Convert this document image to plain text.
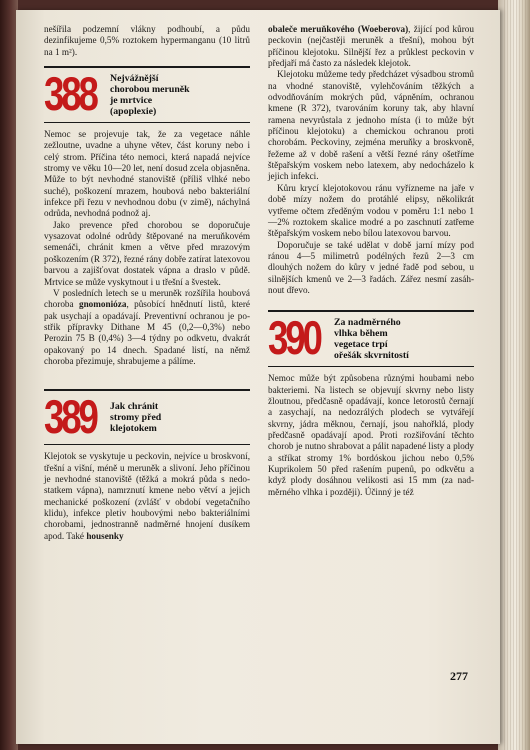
nešířila podzemní vlákny podhoubí, a půdu dezinfikujeme 0,5% roztokem hypermanganu (10 litrů na 1 m²).

388 Nejvážnější
chorobou meruněk
je mrtvice
(apoplexie)

Nemoc se projevuje tak, že za vegetace náhle zežloutne, uvadne a uhyne větev, část koruny nebo i celý strom. Příčina této nemoci, která napadá nejvíce stromy ve věku 10—20 let, není dosud zcela objasněna. Může to být nevhodné stanoviště (příliš vlhké nebo suché), poškození mrazem, houbová nebo bakteriální infekce při řezu v nevhodnou dobu (v zimě), náchylná odrůda, nevhodná podnož aj.

Jako prevence před chorobou se doporučuje vysazovat odolné odrůdy štěpované na meruňkovém semenáči, chránit kmen a větve před mrazovým poškozením (R 372), řezné rány dobře zatírat latexovou barvou a zajišťovat dostatek vápna a draslo v půdě. Mrtvice se může vyskytnout i u třešní a švestek.

V posledních letech se u meruněk rozšířila houbová choroba gnomonióza, působící hnědnutí listů, které pak usychají a opadávají. Preventivní ochranou je postřik přípravky Dithane M 45 (0,2—0,3%) nebo Perozin 75 B (0,4%) 3—4 týdny po odkvetu, dvakrát opakovaný po 14 dnech. Spadané listí, na němž choroba přezimuje, shrabujeme a pálíme.

389 Jak chránit
stromy před
klejotokem

Klejotok se vyskytuje u peckovin, nejvíce u broskvoní, třešní a višní, méně u meruněk a slivoní. Jeho příčinou je nevhodné stanoviště (těžká a mokrá půda s nedostatkem vápna), namrznutí kmene nebo větví a jejich mechanické poškození (zvlášť v období vegetačního klidu), infekce pletiv houbovými nebo bakteriálními chorobami, jednostranně nadměrné hnojení dusíkem apod. Také housenky

obaleče meruňkového (Woeberova), žijící pod kůrou peckovin (nejčastěji meruněk a třešní), mohou být příčinou klejotoku. Silnější řez a průklest peckovin v předjaří má často za následek klejotok.

Klejotoku můžeme tedy předcházet výsadbou stromů na vhodné stanoviště, vylehčováním těžkých a odvodňováním mokrých půd, vápněním, ochranou kmene (R 372), tvarováním koruny tak, aby hlavní ramena nevyrůstala z jednoho místa (i to může být příčinou klejotoku) a chemickou ochranou proti chorobám. Peckoviny, zejména meruňky a broskvoně, řežeme až v době rašení a větší řezné rány ošetříme štěpařským voskem nebo latexem, aby nedocházelo k jejich infekci.

Kůru krycí klejotokovou ránu vyřízneme na jaře v době mízy nožem do protáhlé elipsy, několikrát vytřeme očtem zředěným vodou v poměru 1:1 nebo 1—2% roztokem skalice modré a po zaschnutí zatřeme štěpařským voskem nebo bílou latexovou barvou.

Doporučuje se také udělat v době jarní mízy pod ránou 4—5 milimetrů podélných řezů 2—3 cm dlouhých nožem do kůry v jedné řadě pod sebou, u silnějších kmenů ve 2—3 řadách. Zářez nesmí zasáhnout dřevo.

390 Za nadměrného
vlhka během
vegetace trpí
ořešák skvrnitostí

Nemoc může být způsobena různými houbami nebo bakteriemi. Na listech se objevují skvrny nebo listy žloutnou, předčasně opadávají, konce letorostů černají a zasychají, na nedozrálých plodech se vytvářejí skvrny, jádra měknou, černají, jsou nahořklá, plody předčasně opadávají apod. Proti rozšiřování těchto chorob je nutno shrabovat a pálit napadené listy a plody a stříkat stromy 1% bordóskou jichou nebo 0,5% Kuprikolem 50 před rašením pupenů, po odkvětu a když plody dosáhnou velikosti asi 15 mm (za nadměrného vlhka i později). Účinný je též

277
